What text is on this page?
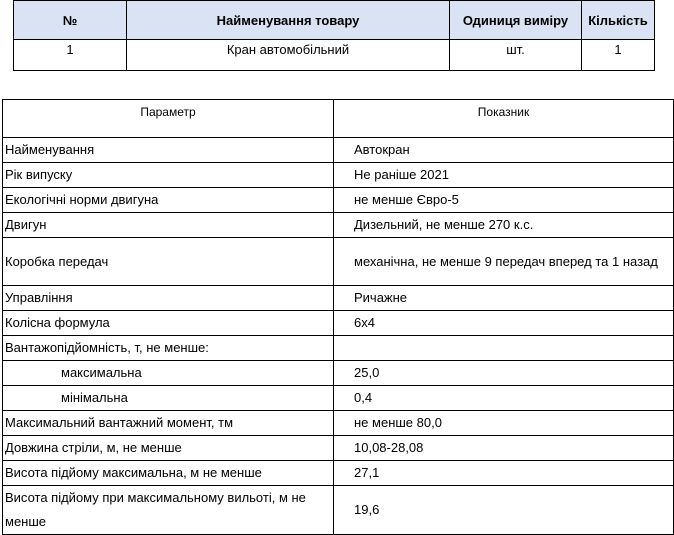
№	Найменування товару	Одиниця виміру	Кількість
1	Кран автомобільний	шт.	1
Параметр	Показник
Найменування	Автокран
Рік випуску	Не раніше 2021
Екологічні норми двигуна	не менше Євро-5
Двигун	Дизельний, не менше 270 к.с.
Коробка передач	механічна, не менше 9 передач вперед та 1 назад
Управління	Ричажне
Колісна формула	6х4
Вантажопідйомність, т, не менше:	
максимальна	25,0
мінімальна	0,4
Максимальний вантажний момент, тм	не менше 80,0
Довжина стріли, м, не менше	10,08-28,08
Висота підйому максимальна, м не менше	27,1
Висота підйому при максимальному вильоті, м не менше	19,6
